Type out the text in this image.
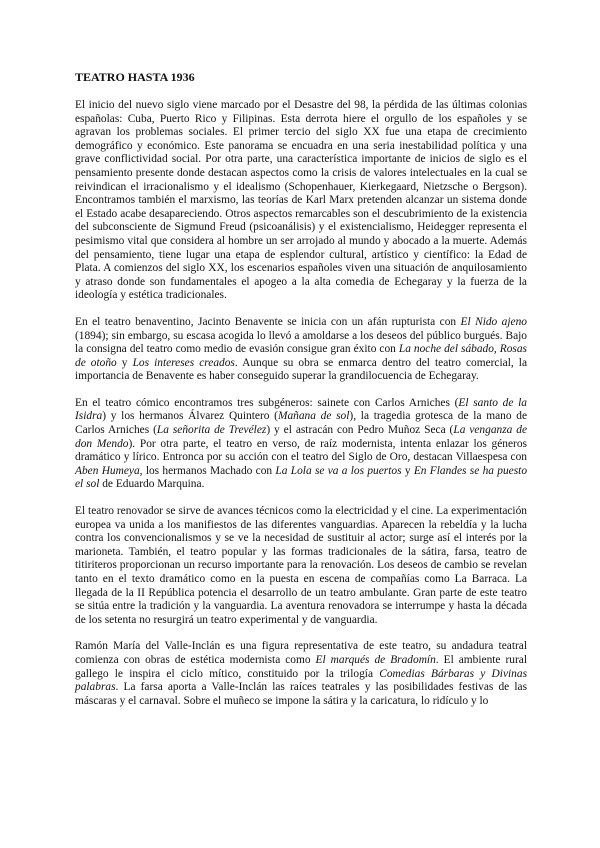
TEATRO HASTA 1936

El inicio del nuevo siglo viene marcado por el Desastre del 98, la pérdida de las últimas colonias españolas: Cuba, Puerto Rico y Filipinas. Esta derrota hiere el orgullo de los españoles y se agravan los problemas sociales. El primer tercio del siglo XX fue una etapa de crecimiento demográfico y económico. Este panorama se encuadra en una seria inestabilidad política y una grave conflictividad social. Por otra parte, una característica importante de inicios de siglo es el pensamiento presente donde destacan aspectos como la crisis de valores intelectuales en la cual se reivindican el irracionalismo y el idealismo (Schopenhauer, Kierkegaard, Nietzsche o Bergson). Encontramos también el marxismo, las teorías de Karl Marx pretenden alcanzar un sistema donde el Estado acabe desapareciendo. Otros aspectos remarcables son el descubrimiento de la existencia del subconsciente de Sigmund Freud (psicoanálisis) y el existencialismo, Heidegger representa el pesimismo vital que considera al hombre un ser arrojado al mundo y abocado a la muerte. Además del pensamiento, tiene lugar una etapa de esplendor cultural, artístico y científico: la Edad de Plata. A comienzos del siglo XX, los escenarios españoles viven una situación de anquilosamiento y atraso donde son fundamentales el apogeo a la alta comedia de Echegaray y la fuerza de la ideología y estética tradicionales.

En el teatro benaventino, Jacinto Benavente se inicia con un afán rupturista con El Nido ajeno (1894); sin embargo, su escasa acogida lo llevó a amoldarse a los deseos del público burgués. Bajo la consigna del teatro como medio de evasión consigue gran éxito con La noche del sábado, Rosas de otoño y Los intereses creados. Aunque su obra se enmarca dentro del teatro comercial, la importancia de Benavente es haber conseguido superar la grandilocuencia de Echegaray.

En el teatro cómico encontramos tres subgéneros: sainete con Carlos Arniches (El santo de la Isidra) y los hermanos Álvarez Quintero (Mañana de sol), la tragedia grotesca de la mano de Carlos Arniches (La señorita de Trevélez) y el astracán con Pedro Muñoz Seca (La venganza de don Mendo). Por otra parte, el teatro en verso, de raíz modernista, intenta enlazar los géneros dramático y lírico. Entronca por su acción con el teatro del Siglo de Oro, destacan Villaespesa con Aben Humeya, los hermanos Machado con La Lola se va a los puertos y En Flandes se ha puesto el sol de Eduardo Marquina.

El teatro renovador se sirve de avances técnicos como la electricidad y el cine. La experimentación europea va unida a los manifiestos de las diferentes vanguardias. Aparecen la rebeldía y la lucha contra los convencionalismos y se ve la necesidad de sustituir al actor; surge así el interés por la marioneta. También, el teatro popular y las formas tradicionales de la sátira, farsa, teatro de titiriteros proporcionan un recurso importante para la renovación. Los deseos de cambio se revelan tanto en el texto dramático como en la puesta en escena de compañías como La Barraca. La llegada de la II República potencia el desarrollo de un teatro ambulante. Gran parte de este teatro se sitúa entre la tradición y la vanguardia. La aventura renovadora se interrumpe y hasta la década de los setenta no resurgirá un teatro experimental y de vanguardia.

Ramón María del Valle-Inclán es una figura representativa de este teatro, su andadura teatral comienza con obras de estética modernista como El marqués de Bradomín. El ambiente rural gallego le inspira el ciclo mítico, constituido por la trilogía Comedias Bárbaras y Divinas palabras. La farsa aporta a Valle-Inclán las raíces teatrales y las posibilidades festivas de las máscaras y el carnaval. Sobre el muñeco se impone la sátira y la caricatura, lo ridículo y lo
